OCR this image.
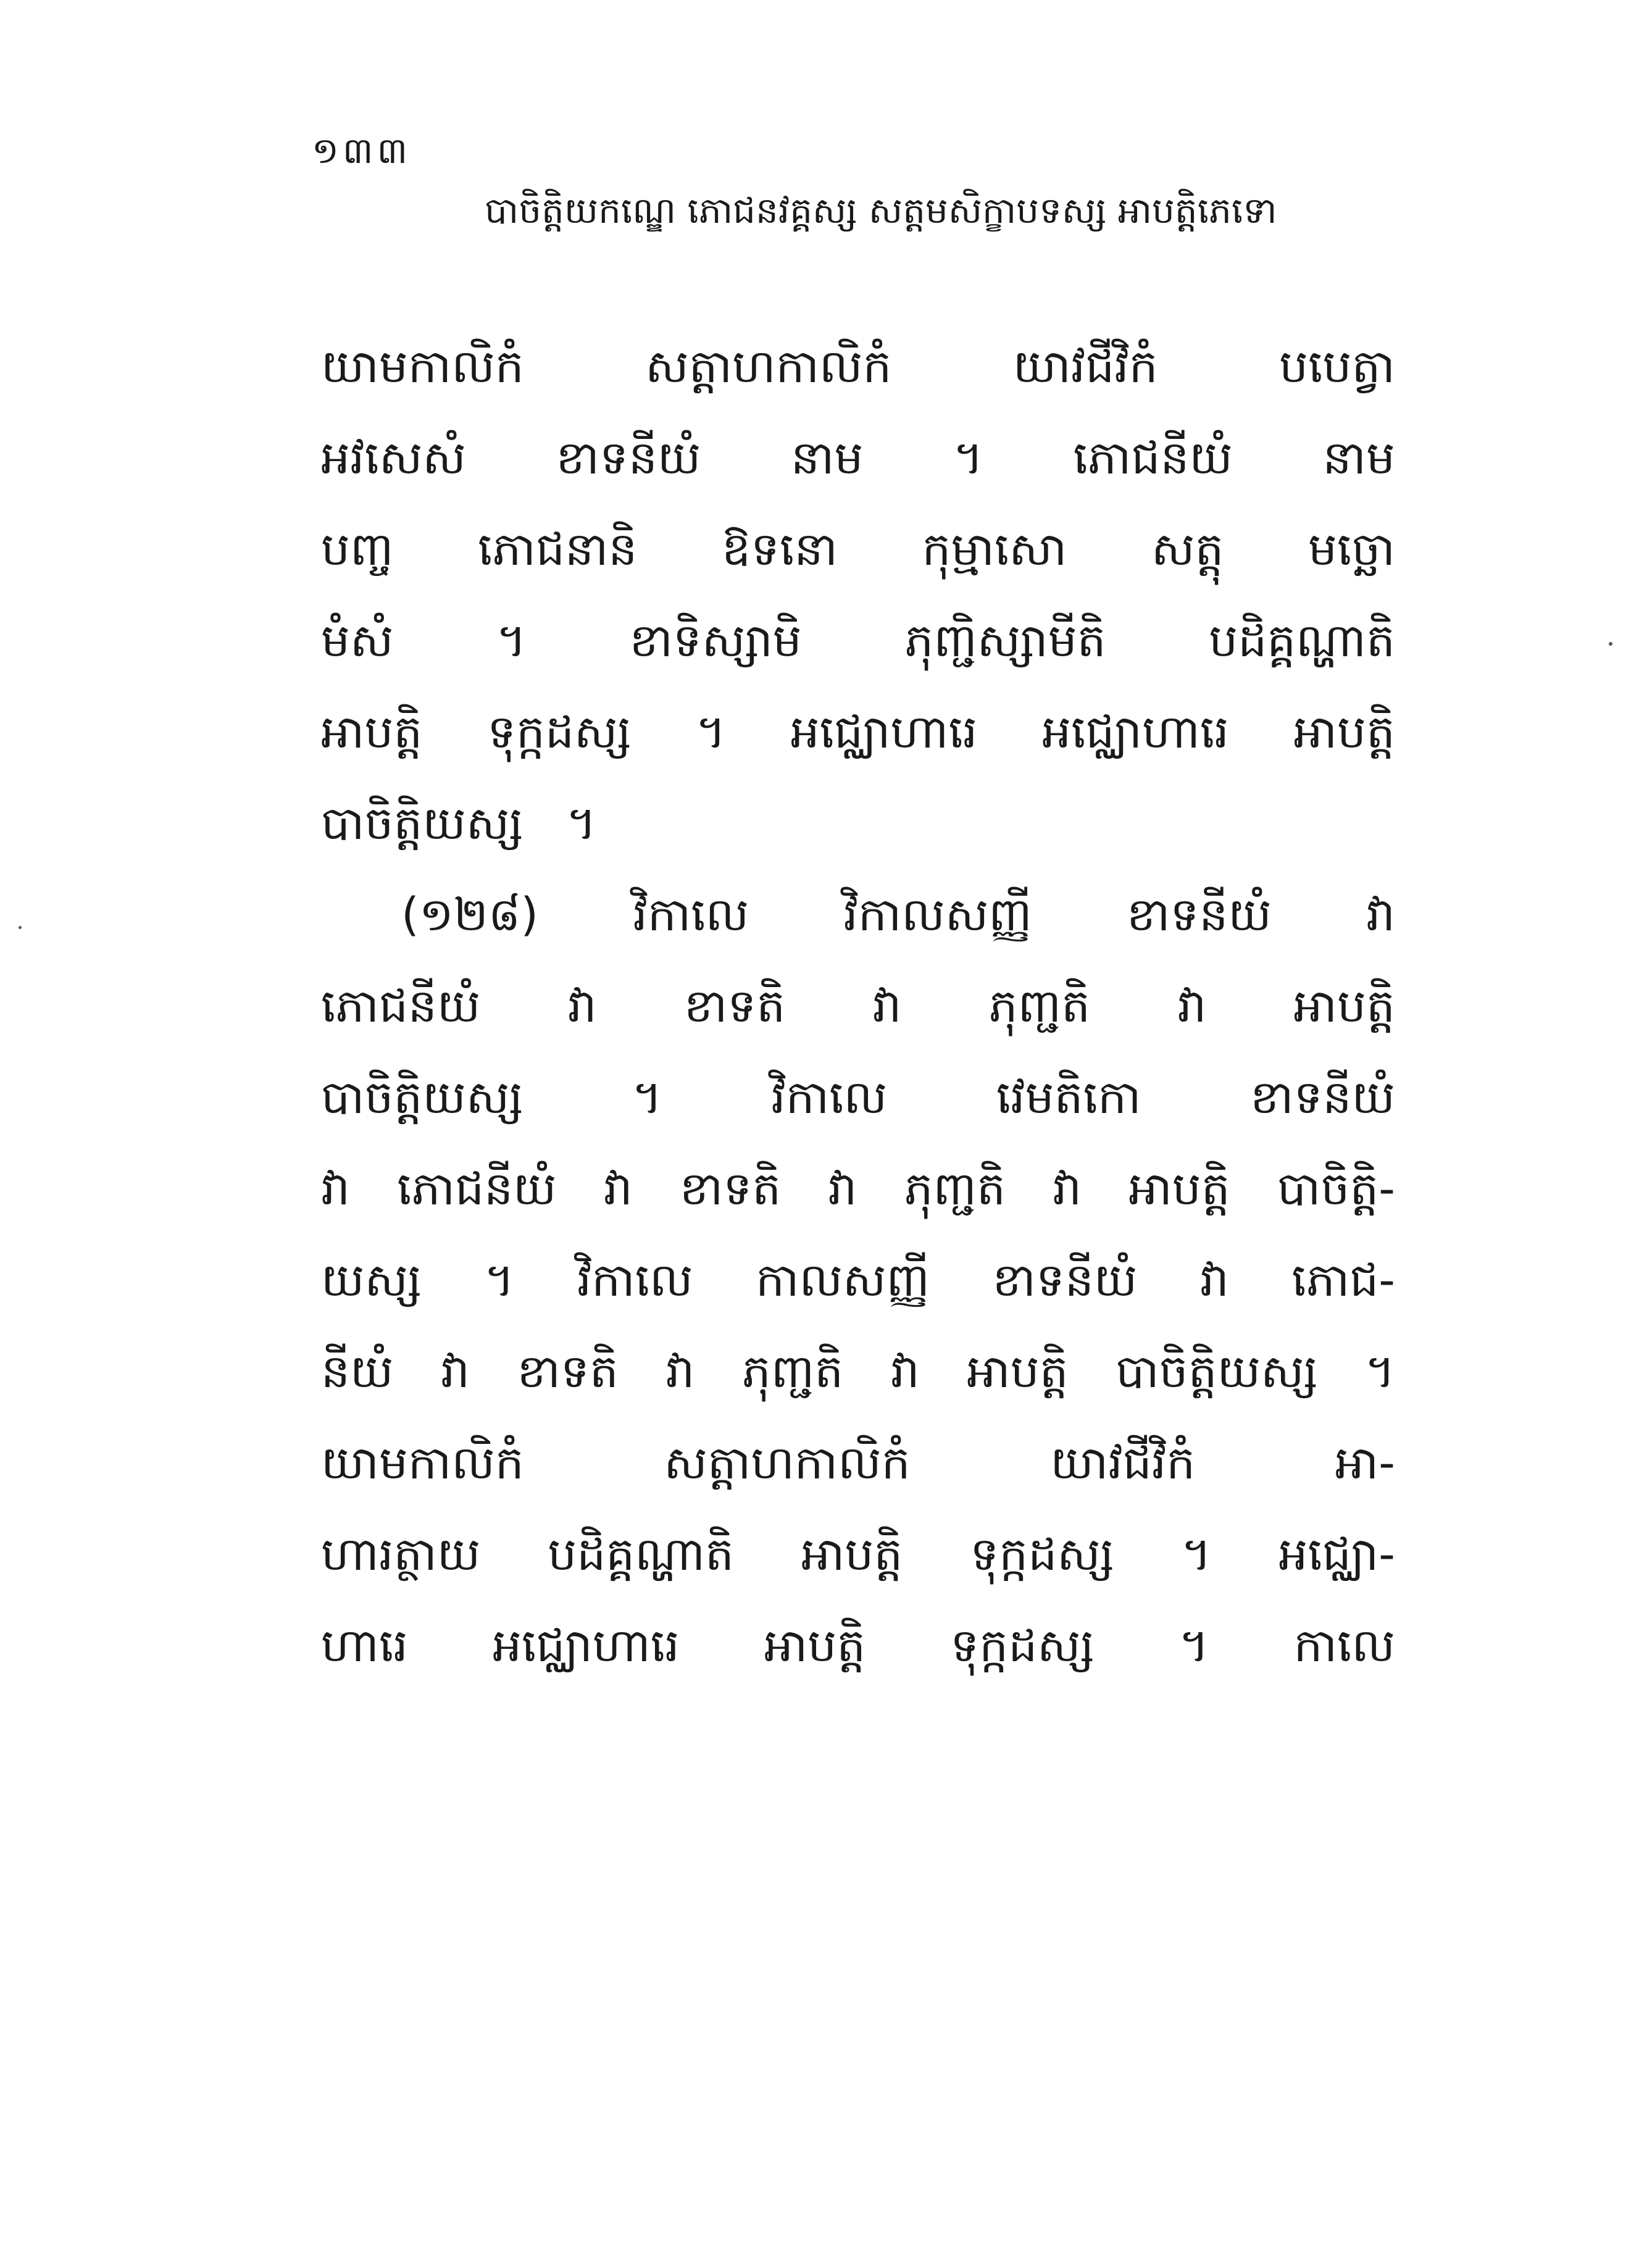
១៣៣
បាចិត្តិយកណ្ឌេ ភោជនវគ្គស្ស សត្តមសិក្ខាបទស្ស អាបត្តិភេទោ
យាមកាលិកំ	សត្តាហកាលិកំ	យាវជីវិកំ	បបេត្វា
អវសេសំ ខាទនីយំ នាម ។ ភោជនីយំ នាម
បញ្ច ភោជនានិ ឱទនោ កុម្មាសោ សត្តុ មច្ឆោ
មំសំ ។ ខាទិស្សាមិ ភុញ្ជិស្សាមីតិ បដិគ្គណ្ហាតិ
អាបត្តិ ទុក្កដស្ស ។ អជ្ឈោហារេ អជ្ឈោហារេ អាបត្តិ
បាចិត្តិយស្ស ។
(១២៨) វិកាលេ វិកាលសញ្ញី ខាទនីយំ វា
ភោជនីយំ វា ខាទតិ វា ភុញ្ជតិ វា អាបត្តិ
បាចិត្តិយស្ស ។ វិកាលេ វេមតិកោ ខាទនីយំ
វា ភោជនីយំ វា ខាទតិ វា ភុញ្ជតិ វា អាបត្តិ បាចិត្តិ-
យស្ស ។ វិកាលេ កាលសញ្ញី ខាទនីយំ វា ភោជ-
នីយំ វា ខាទតិ វា ភុញ្ជតិ វា អាបត្តិ បាចិត្តិយស្ស ។
យាមកាលិកំ	សត្តាហកាលិកំ	យាវជីវិកំ	អា-
ហារត្ថាយ បដិគ្គណ្ហាតិ អាបត្តិ ទុក្កដស្ស ។ អជ្ឈោ-
ហារេ អជ្ឈោហារេ អាបត្តិ ទុក្កដស្ស ។ កាលេ
